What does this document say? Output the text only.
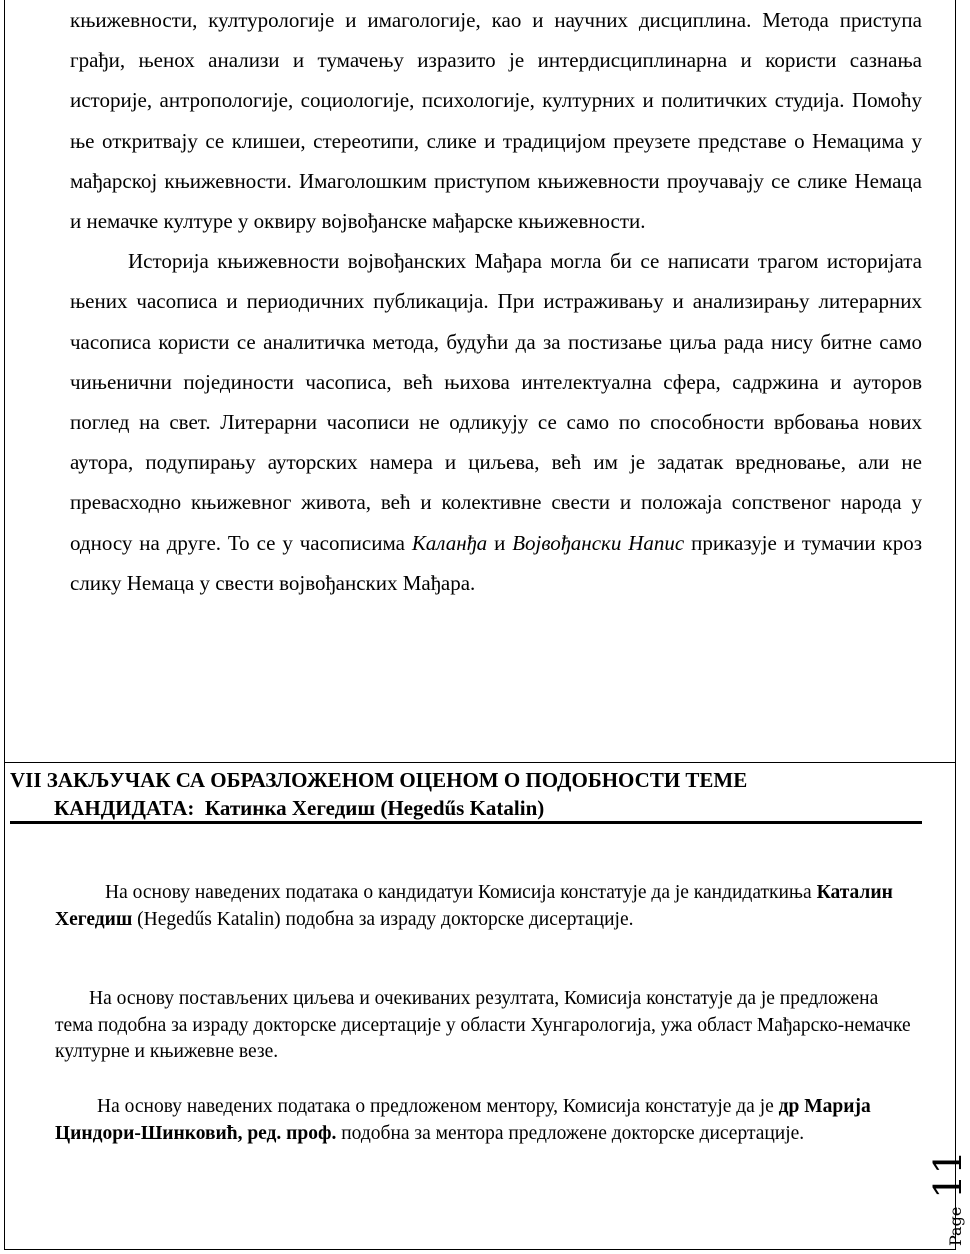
књижевности, културологије и имагологије, као и научних дисциплина. Метода приступа грађи, њенох анализи и тумачењу изразито је интердисциплинарна и користи сазнања историје, антропологије, социологије, психологије, културних и политичких студија. Помоћу ње откритвају се клишеи, стереотипи, слике и традицијом преузете представе о Немацима у мађарској књижевности. Имаголошким приступом књижевности проучавају се слике Немаца и немачке културе у оквиру војвођанске мађарске књижевности.

Историја књижевности војвођанских Мађара могла би се написати трагом историјата њених часописа и периодичних публикација. При истраживању и анализирању литерарних часописа користи се аналитичка метода, будући да за постизање циља рада нису битне само чињенични појединости часописа, већ њихова интелектуална сфера, садржина и ауторов поглед на свет. Литерарни часописи не одликују се само по способности врбовања нових аутора, подупирању ауторских намера и циљева, већ им је задатак вредновање, али не превасходно књижевног живота, већ и колективне свести и положаја сопственог народа у односу на друге. То се у часописима Каланђа и Војвођански Напис приказује и тумачии кроз слику Немаца у свести војвођанских Мађара.

VII ЗАКЉУЧАК СА ОБРАЗЛОЖЕНОМ ОЦЕНОМ О ПОДОБНОСТИ ТЕМЕ
КАНДИДАТА: Катинка Хегедиш (Hegedűs Katalin)

На основу наведених података о кандидатуи Комисија констатује да је кандидаткиња Каталин Хегедиш (Hegedűs Katalin) подобна за израду докторске дисертације.

На основу постављених циљева и очекиваних резултата, Комисија констатује да је предложена тема подобна за израду докторске дисертације у области Хунгарологија, ужа област Мађарско-немачке културне и књижевне везе.

На основу наведених података о предложеном ментору, Комисија констатује да је др Марија Циндори-Шинковић, ред. проф. подобна за ментора предложене докторске дисертације.

Page11
